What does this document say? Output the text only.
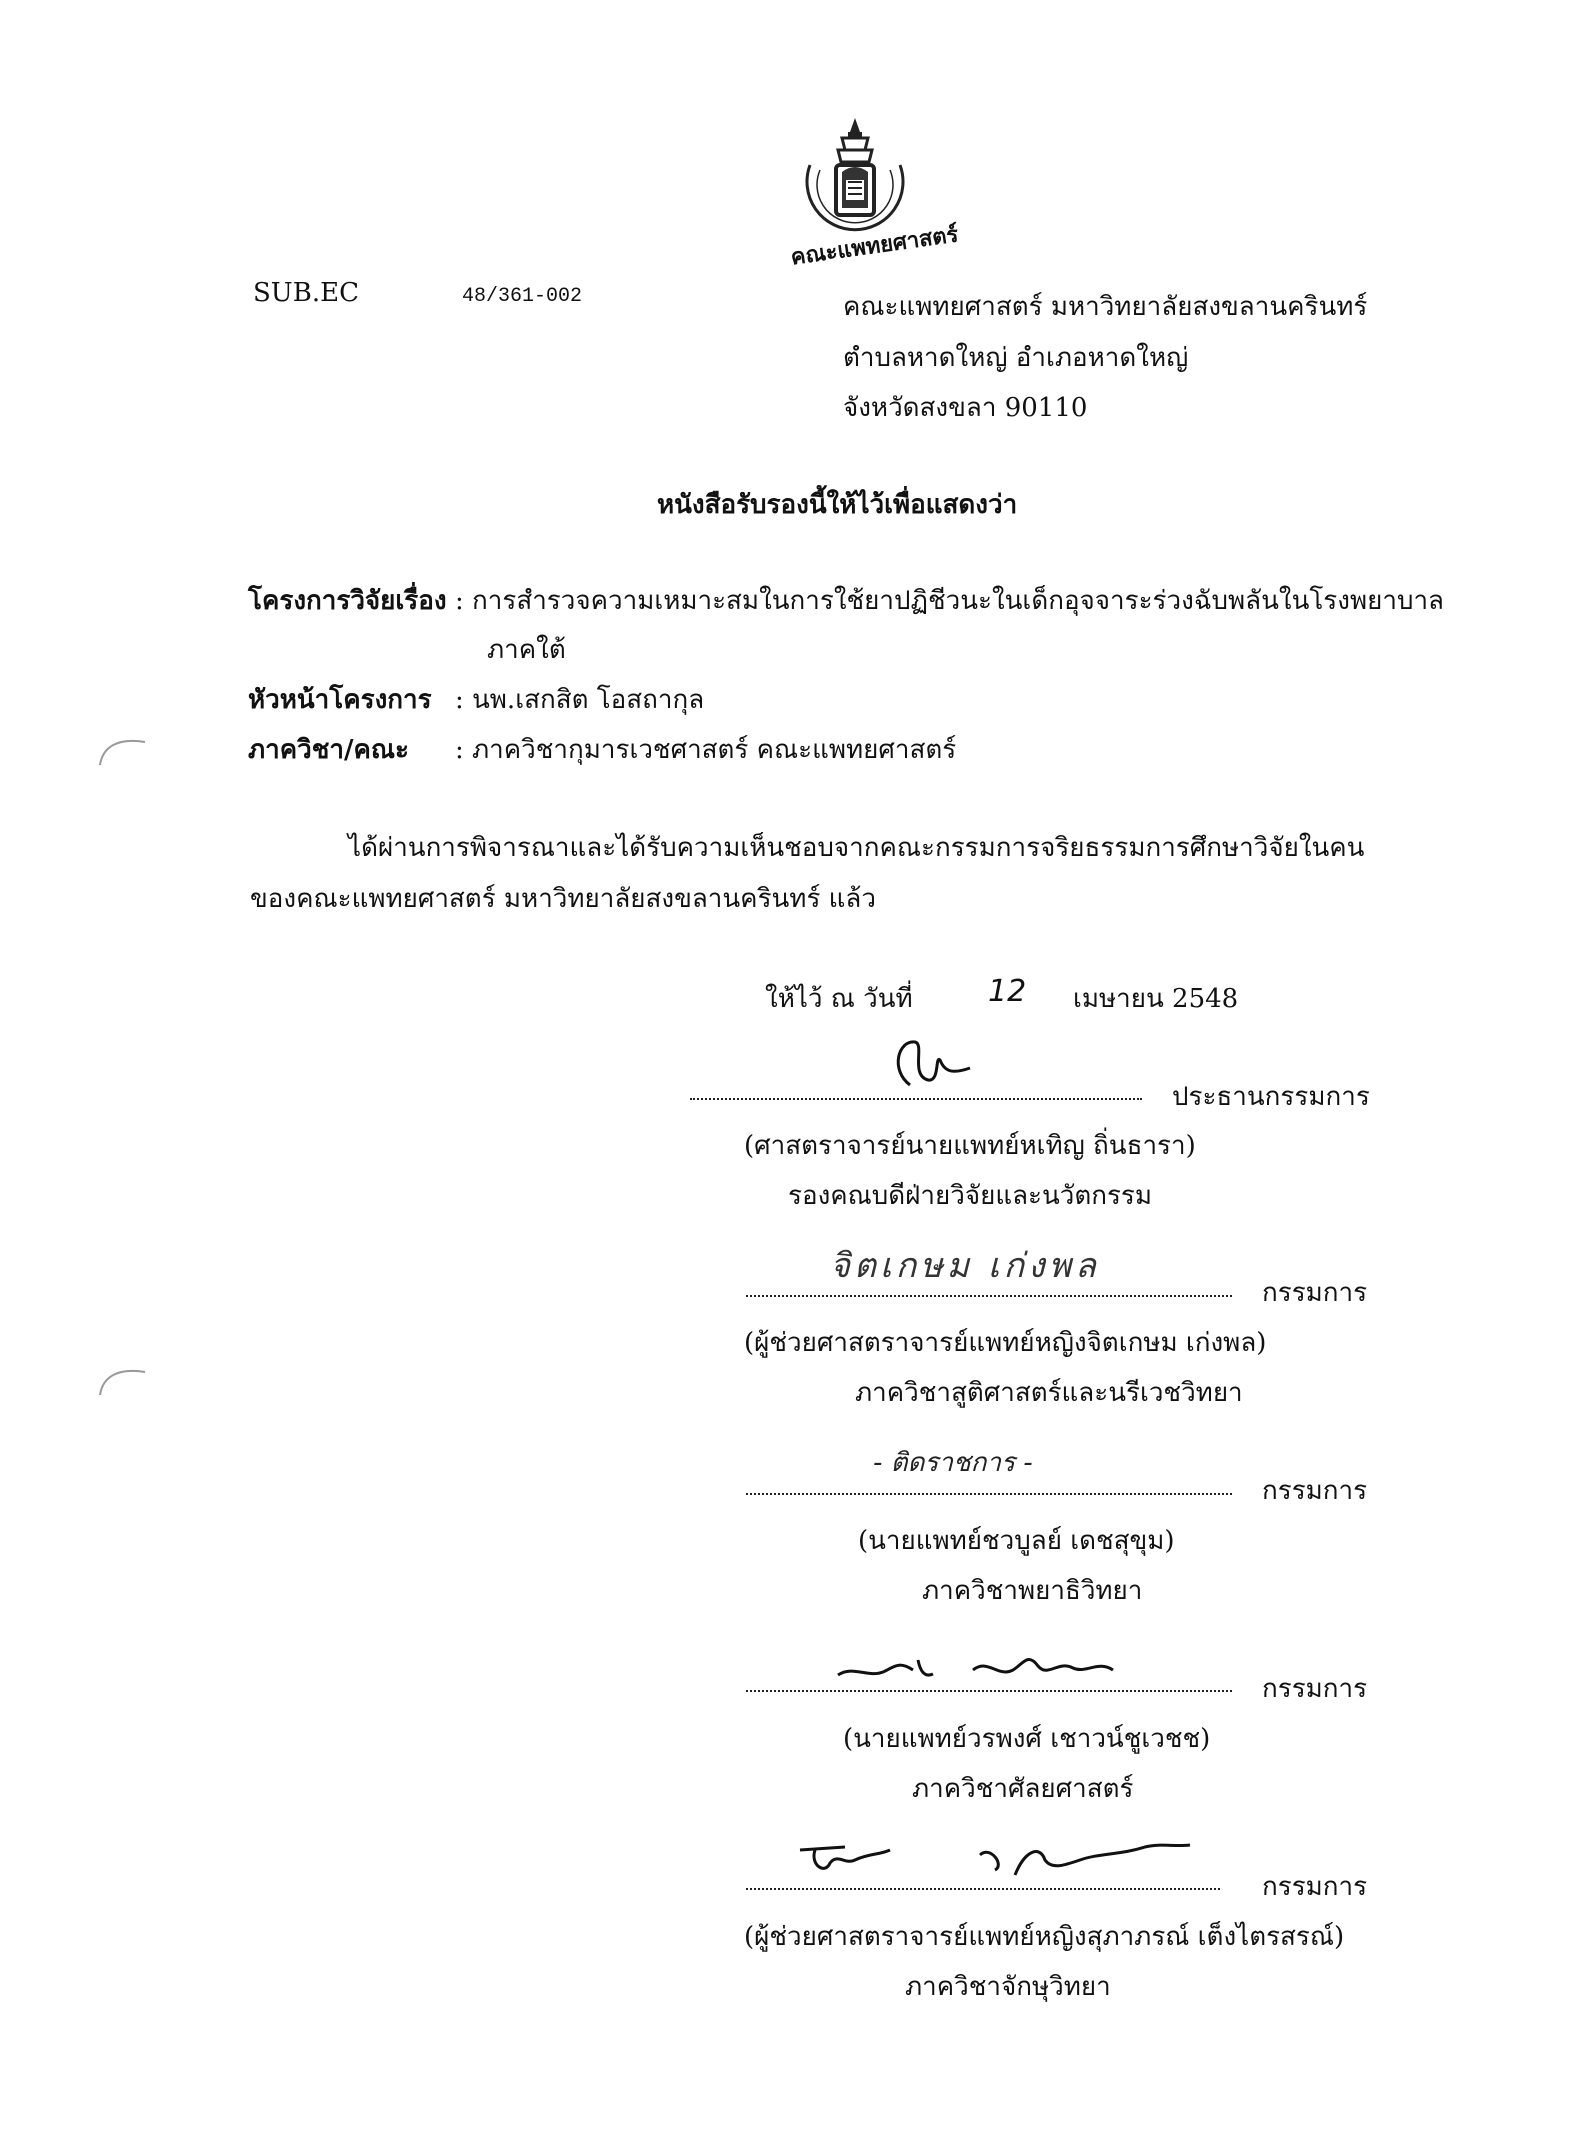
คณะแพทยศาสตร์
SUB.EC	48/361-002	คณะแพทยศาสตร์ มหาวิทยาลัยสงขลานครินทร์
ตำบลหาดใหญ่ อำเภอหาดใหญ่
จังหวัดสงขลา 90110
หนังสือรับรองนี้ให้ไว้เพื่อแสดงว่า
โครงการวิจัยเรื่อง : การสำรวจความเหมาะสมในการใช้ยาปฏิชีวนะในเด็กอุจจาระร่วงฉับพลันในโรงพยาบาล
ภาคใต้
หัวหน้าโครงการ : นพ.เสกสิต โอสถากุล
ภาควิชา/คณะ : ภาควิชากุมารเวชศาสตร์ คณะแพทยศาสตร์
ได้ผ่านการพิจารณาและได้รับความเห็นชอบจากคณะกรรมการจริยธรรมการศึกษาวิจัยในคน
ของคณะแพทยศาสตร์ มหาวิทยาลัยสงขลานครินทร์ แล้ว
ให้ไว้ ณ วันที่	12 เมษายน 2548
ประธานกรรมการ
(ศาสตราจารย์นายแพทย์หเทิญ ถิ่นธารา)
รองคณบดีฝ่ายวิจัยและนวัตกรรม
จิตเกษม เก่งพล
กรรมการ
(ผู้ช่วยศาสตราจารย์แพทย์หญิงจิตเกษม เก่งพล)
ภาควิชาสูติศาสตร์และนรีเวชวิทยา
- ติดราชการ -
กรรมการ
(นายแพทย์ชวบูลย์ เดชสุขุม)
ภาควิชาพยาธิวิทยา
กรรมการ
(นายแพทย์วรพงศ์ เชาวน์ชูเวชช)
ภาควิชาศัลยศาสตร์
กรรมการ
(ผู้ช่วยศาสตราจารย์แพทย์หญิงสุภาภรณ์ เต็งไตรสรณ์)
ภาควิชาจักษุวิทยา
